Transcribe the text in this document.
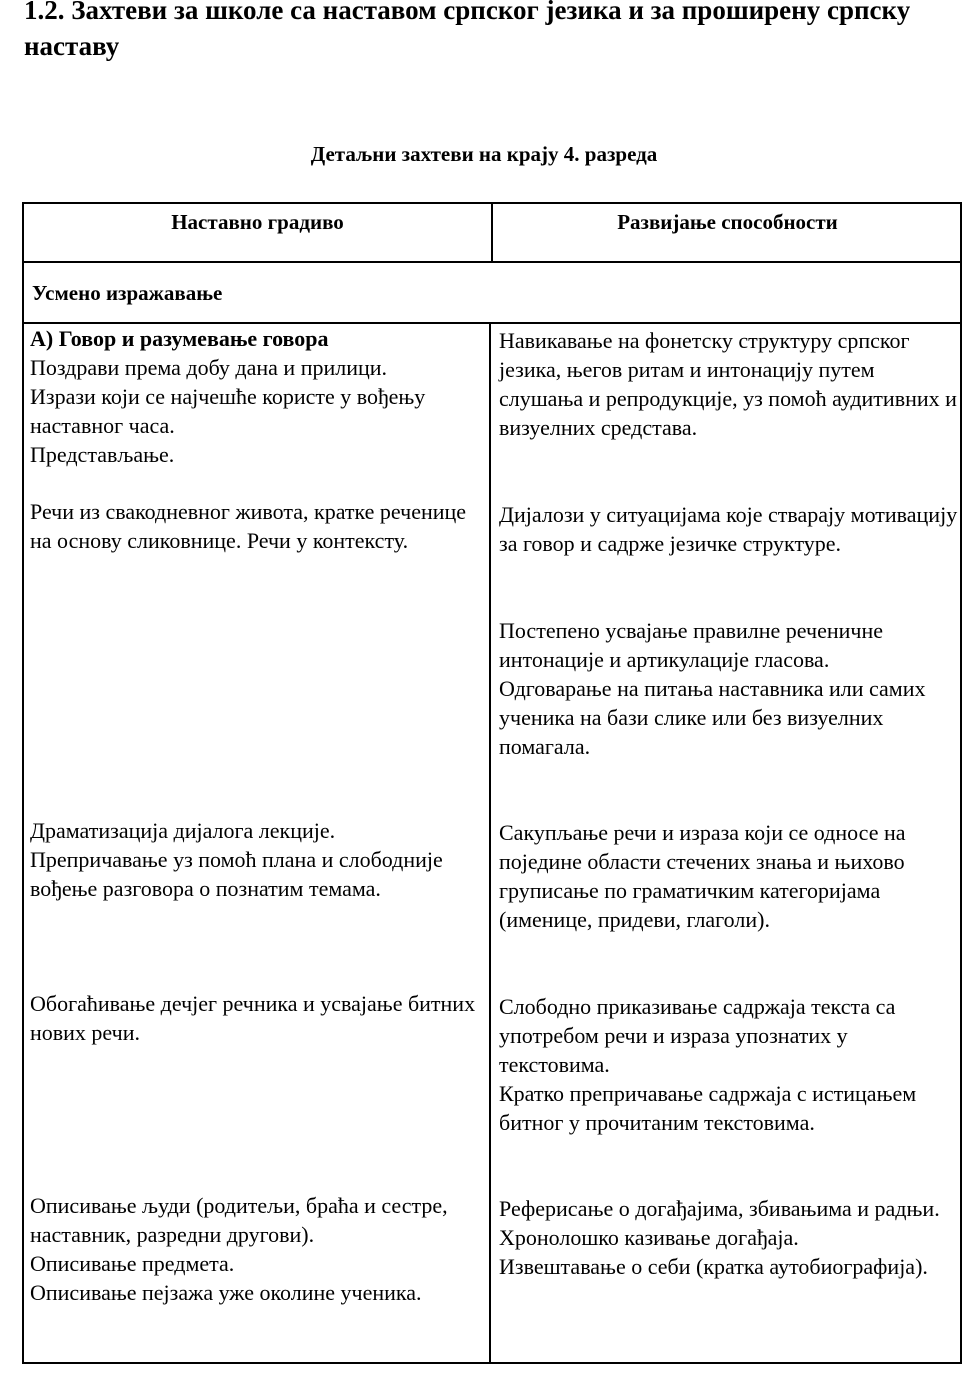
1.2. Захтеви за школе са наставом српског језика и за проширену српску наставу
Детаљни захтеви на крају 4. разреда
Наставно градиво	Развијање способности
Усмено изражавање
А) Говор и разумевање говора
Поздрави према добу дана и прилици.
Изрази који се најчешће користе у вођењу наставног часа.
Представљање.
Речи из свакодневног живота, кратке реченице на основу сликовнице. Речи у контексту.
Драматизација дијалога лекције.
Препричавање уз помоћ плана и слободније вођење разговора о познатим темама.
Обогаћивање дечјег речника и усвајање битних нових речи.
Описивање људи (родитељи, браћа и сестре, наставник, разредни другови).
Описивање предмета.
Описивање пејзажа уже околине ученика.
Навикавање на фонетску структуру српског језика, његов ритам и интонацију путем слушања и репродукције, уз помоћ аудитивних и визуелних средстава.
Дијалози у ситуацијама које стварају мотивацију за говор и садрже језичке структуре.
Постепено усвајање правилне реченичне интонације и артикулације гласова.
Одговарање на питања наставника или самих ученика на бази слике или без визуелних помагала.
Сакупљање речи и израза који се односе на поједине области стечених знања и њихово груписање по граматичким категоријама (именице, придеви, глаголи).
Слободно приказивање садржаја текста са употребом речи и израза упознатих у текстовима.
Кратко препричавање садржаја с истицањем битног у прочитаним текстовима.
Реферисање о догађајима, збивањима и радњи.
Хронолошко казивање догађаја.
Извештавање о себи (кратка аутобиографија).
